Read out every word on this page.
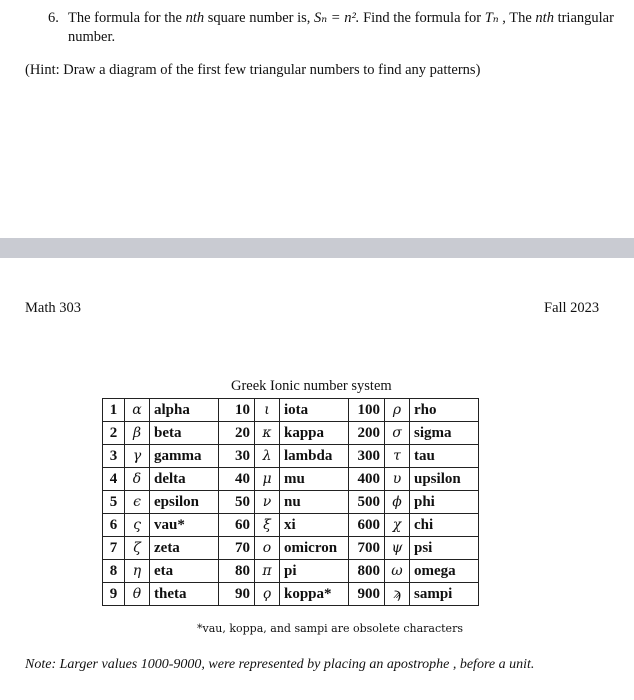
6. The formula for the nth square number is, Sₙ = n². Find the formula for Tₙ , The nth triangular number.
(Hint: Draw a diagram of the first few triangular numbers to find any patterns)
Math 303	Fall 2023
Greek Ionic number system
1	α	alpha	10	ι	iota	100	ρ	rho
2	β	beta	20	κ	kappa	200	σ	sigma
3	γ	gamma	30	λ	lambda	300	τ	tau
4	δ	delta	40	μ	mu	400	υ	upsilon
5	ϵ	epsilon	50	ν	nu	500	ϕ	phi
6	ς	vau*	60	ξ	xi	600	χ	chi
7	ζ	zeta	70	ο	omicron	700	ψ	psi
8	η	eta	80	π	pi	800	ω	omega
9	θ	theta	90	ϙ	koppa*	900	ϡ	sampi
*vau, koppa, and sampi are obsolete characters
Note: Larger values 1000-9000, were represented by placing an apostrophe , before a unit.
